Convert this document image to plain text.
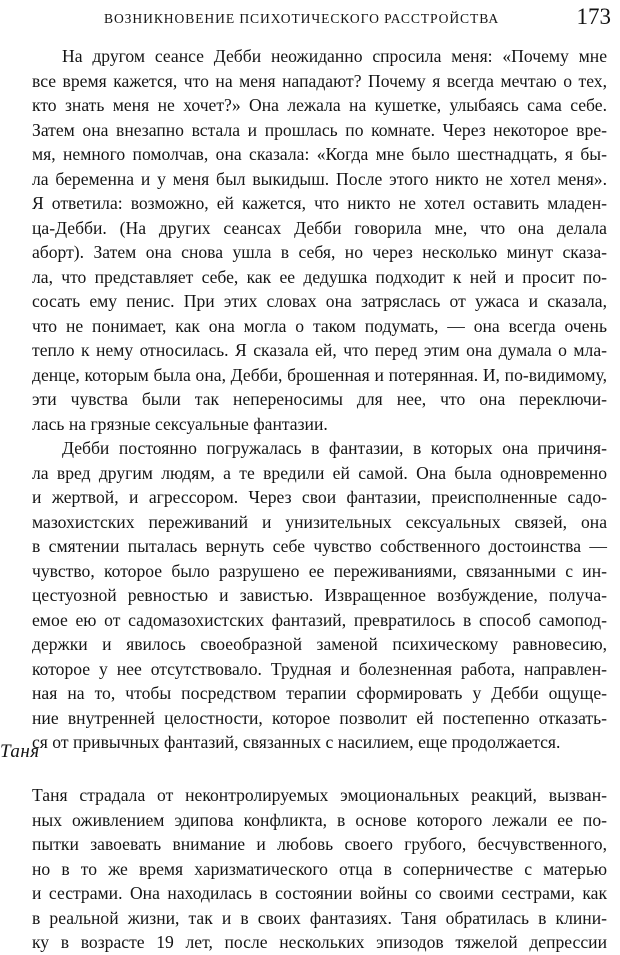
ВОЗНИКНОВЕНИЕ ПСИХОТИЧЕСКОГО РАССТРОЙСТВА	173
На другом сеансе Дебби неожиданно спросила меня: «Почему мне
все время кажется, что на меня нападают? Почему я всегда мечтаю о тех,
кто знать меня не хочет?» Она лежала на кушетке, улыбаясь сама себе.
Затем она внезапно встала и прошлась по комнате. Через некоторое вре-
мя, немного помолчав, она сказала: «Когда мне было шестнадцать, я бы-
ла беременна и у меня был выкидыш. После этого никто не хотел меня».
Я ответила: возможно, ей кажется, что никто не хотел оставить младен-
ца-Дебби. (На других сеансах Дебби говорила мне, что она делала
аборт). Затем она снова ушла в себя, но через несколько минут сказа-
ла, что представляет себе, как ее дедушка подходит к ней и просит по-
сосать ему пенис. При этих словах она затряслась от ужаса и сказала,
что не понимает, как она могла о таком подумать, — она всегда очень
тепло к нему относилась. Я сказала ей, что перед этим она думала о мла-
денце, которым была она, Дебби, брошенная и потерянная. И, по-видимому,
эти чувства были так непереносимы для нее, что она переключи-
лась на грязные сексуальные фантазии.
Дебби постоянно погружалась в фантазии, в которых она причиня-
ла вред другим людям, а те вредили ей самой. Она была одновременно
и жертвой, и агрессором. Через свои фантазии, преисполненные садо-
мазохистских переживаний и унизительных сексуальных связей, она
в смятении пыталась вернуть себе чувство собственного достоинства —
чувство, которое было разрушено ее переживаниями, связанными с ин-
цестуозной ревностью и завистью. Извращенное возбуждение, получа-
емое ею от садомазохистских фантазий, превратилось в способ самопод-
держки и явилось своеобразной заменой психическому равновесию,
которое у нее отсутствовало. Трудная и болезненная работа, направлен-
ная на то, чтобы посредством терапии сформировать у Дебби ощуще-
ние внутренней целостности, которое позволит ей постепенно отказать-
ся от привычных фантазий, связанных с насилием, еще продолжается.
Таня
Таня страдала от неконтролируемых эмоциональных реакций, вызван-
ных оживлением эдипова конфликта, в основе которого лежали ее по-
пытки завоевать внимание и любовь своего грубого, бесчувственного,
но в то же время харизматического отца в соперничестве с матерью
и сестрами. Она находилась в состоянии войны со своими сестрами, как
в реальной жизни, так и в своих фантазиях. Таня обратилась в клини-
ку в возрасте 19 лет, после нескольких эпизодов тяжелой депрессии
